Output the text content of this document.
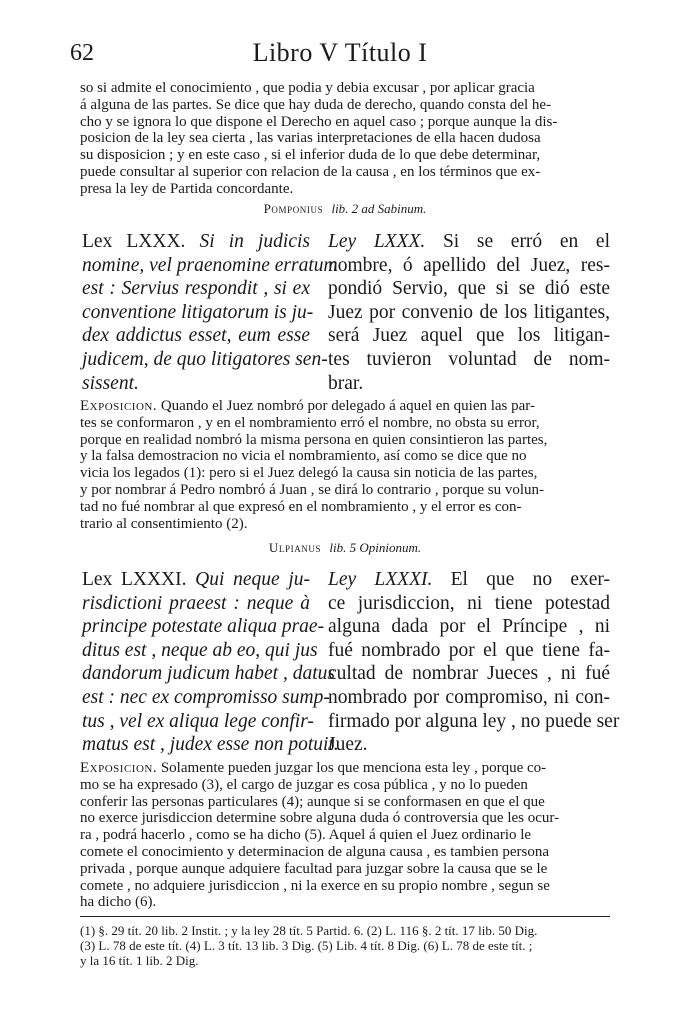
62	Libro V Título I

so si admite el conocimiento , que podia y debia excusar , por aplicar gracia
á alguna de las partes. Se dice que hay duda de derecho, quando consta del he-
cho y se ignora lo que dispone el Derecho en aquel caso ; porque aunque la dis-
posicion de la ley sea cierta , las varias interpretaciones de ella hacen dudosa
su disposicion ; y en este caso , si el inferior duda de lo que debe determinar,
puede consultar al superior con relacion de la causa , en los términos que ex-
presa la ley de Partida concordante.

Pomponius lib. 2 ad Sabinum.
Lex LXXX. Si in judicis
nomine, vel praenomine erratum
est : Servius respondit , si ex
conventione litigatorum is ju-
dex addictus esset, eum esse
judicem, de quo litigatores sen-
sissent.
Ley LXXX. Si se erró en el
nombre, ó apellido del Juez, res-
pondió Servio, que si se dió este
Juez por convenio de los litigantes,
será Juez aquel que los litigan-
tes tuvieron voluntad de nom-
brar.

Exposicion. Quando el Juez nombró por delegado á aquel en quien las par-
tes se conformaron , y en el nombramiento erró el nombre, no obsta su error,
porque en realidad nombró la misma persona en quien consintieron las partes,
y la falsa demostracion no vicia el nombramiento, así como se dice que no
vicia los legados (1): pero si el Juez delegó la causa sin noticia de las partes,
y por nombrar á Pedro nombró á Juan , se dirá lo contrario , porque su volun-
tad no fué nombrar al que expresó en el nombramiento , y el error es con-
trario al consentimiento (2).

Ulpianus lib. 5 Opinionum.
Lex LXXXI. Qui neque ju-
risdictioni praeest : neque à
principe potestate aliqua prae-
ditus est , neque ab eo, qui jus
dandorum judicum habet , datus
est : nec ex compromisso sump-
tus , vel ex aliqua lege confir-
matus est , judex esse non potuit.
Ley LXXXI. El que no exer-
ce jurisdiccion, ni tiene potestad
alguna dada por el Príncipe , ni
fué nombrado por el que tiene fa-
cultad de nombrar Jueces , ni fué
nombrado por compromiso, ni con-
firmado por alguna ley , no puede ser
Juez.

Exposicion. Solamente pueden juzgar los que menciona esta ley , porque co-
mo se ha expresado (3), el cargo de juzgar es cosa pública , y no lo pueden
conferir las personas particulares (4); aunque si se conformasen en que el que
no exerce jurisdiccion determine sobre alguna duda ó controversia que les ocur-
ra , podrá hacerlo , como se ha dicho (5). Aquel á quien el Juez ordinario le
comete el conocimiento y determinacion de alguna causa , es tambien persona
privada , porque aunque adquiere facultad para juzgar sobre la causa que se le
comete , no adquiere jurisdiccion , ni la exerce en su propio nombre , segun se
ha dicho (6).

(1) §. 29 tít. 20 lib. 2 Instit. ; y la ley 28 tít. 5 Partid. 6. (2) L. 116 §. 2 tít. 17 lib. 50 Dig.
(3) L. 78 de este tít. (4) L. 3 tít. 13 lib. 3 Dig. (5) Lib. 4 tít. 8 Dig. (6) L. 78 de este tít. ;
y la 16 tít. 1 lib. 2 Dig.
